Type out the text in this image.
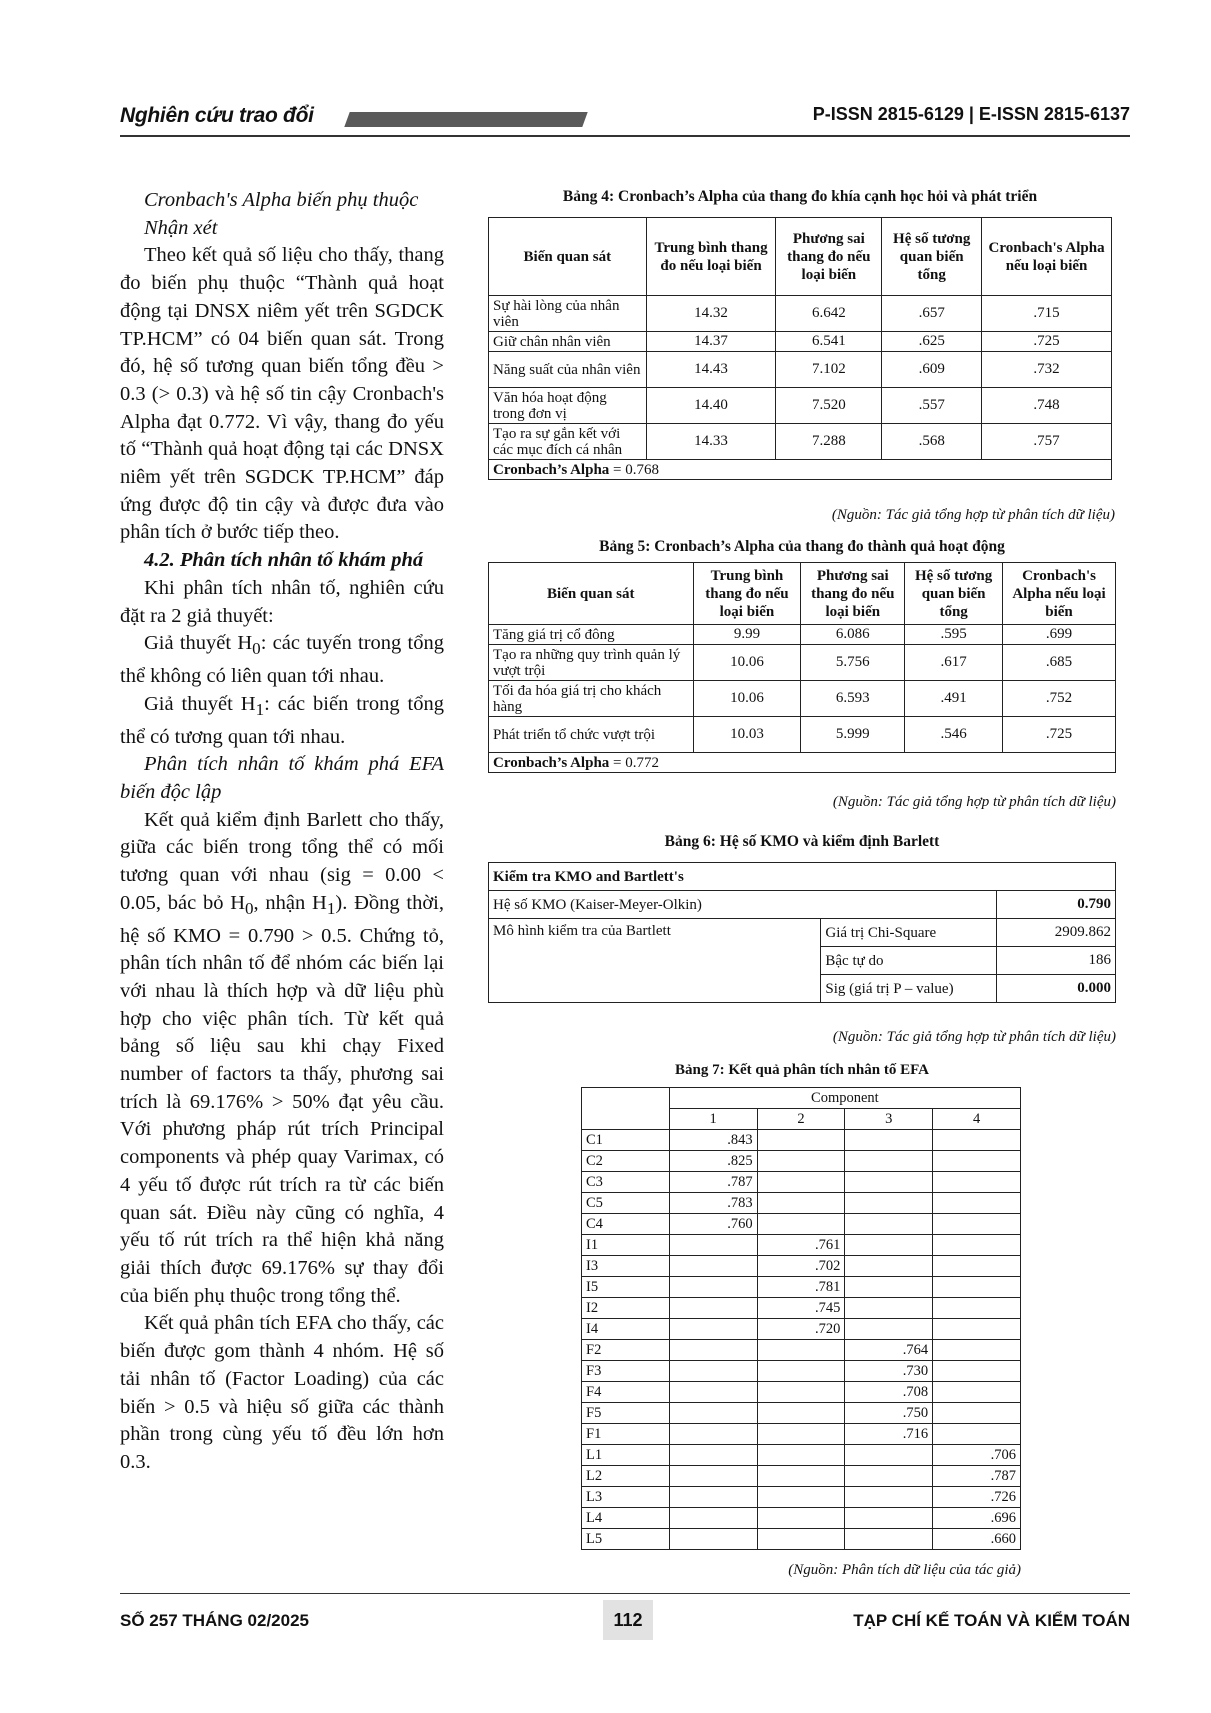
Nghiên cứu trao đổi	P-ISSN 2815-6129 | E-ISSN 2815-6137

Cronbach's Alpha biến phụ thuộc

Nhận xét

Theo kết quả số liệu cho thấy, thang đo biến phụ thuộc “Thành quả hoạt động tại DNSX niêm yết trên SGDCK TP.HCM” có 04 biến quan sát. Trong đó, hệ số tương quan biến tổng đều > 0.3 (> 0.3) và hệ số tin cậy Cronbach's Alpha đạt 0.772. Vì vậy, thang đo yếu tố “Thành quả hoạt động tại các DNSX niêm yết trên SGDCK TP.HCM” đáp ứng được độ tin cậy và được đưa vào phân tích ở bước tiếp theo.

4.2. Phân tích nhân tố khám phá

Khi phân tích nhân tố, nghiên cứu đặt ra 2 giả thuyết:

Giả thuyết $H_0$: các tuyến trong tổng thể không có liên quan tới nhau.

Giả thuyết $H_1$: các biến trong tổng thể có tương quan tới nhau.

Phân tích nhân tố khám phá EFA biến độc lập

Kết quả kiểm định Barlett cho thấy, giữa các biến trong tổng thể có mối tương quan với nhau (sig = 0.00 < 0.05, bác bỏ $H_0$, nhận $H_1$). Đồng thời, hệ số KMO = 0.790 > 0.5. Chứng tỏ, phân tích nhân tố để nhóm các biến lại với nhau là thích hợp và dữ liệu phù hợp cho việc phân tích. Từ kết quả bảng số liệu sau khi chạy Fixed number of factors ta thấy, phương sai trích là 69.176% > 50% đạt yêu cầu. Với phương pháp rút trích Principal components và phép quay Varimax, có 4 yếu tố được rút trích ra từ các biến quan sát. Điều này cũng có nghĩa, 4 yếu tố rút trích ra thể hiện khả năng giải thích được 69.176% sự thay đổi của biến phụ thuộc trong tổng thể.

Kết quả phân tích EFA cho thấy, các biến được gom thành 4 nhóm. Hệ số tải nhân tố (Factor Loading) của các biến > 0.5 và hiệu số giữa các thành phần trong cùng yếu tố đều lớn hơn 0.3.

Bảng 4: Cronbach’s Alpha của thang đo khía cạnh học hỏi và phát triển
Biến quan sát	Trung bình thang đo nếu loại biến	Phương sai thang đo nếu loại biến	Hệ số tương quan biến tổng	Cronbach's Alpha nếu loại biến
Sự hài lòng của nhân viên	14.32	6.642	.657	.715
Giữ chân nhân viên	14.37	6.541	.625	.725
Năng suất của nhân viên	14.43	7.102	.609	.732
Văn hóa hoạt động trong đơn vị	14.40	7.520	.557	.748
Tạo ra sự gắn kết với các mục đích cá nhân	14.33	7.288	.568	.757
Cronbach’s Alpha = 0.768				
(Nguồn: Tác giả tổng hợp từ phân tích dữ liệu)
Bảng 5: Cronbach’s Alpha của thang đo thành quả hoạt động
Biến quan sát	Trung bình thang đo nếu loại biến	Phương sai thang đo nếu loại biến	Hệ số tương quan biến tổng	Cronbach's Alpha nếu loại biến
Tăng giá trị cổ đông	9.99	6.086	.595	.699
Tạo ra những quy trình quản lý vượt trội	10.06	5.756	.617	.685
Tối đa hóa giá trị cho khách hàng	10.06	6.593	.491	.752
Phát triển tổ chức vượt trội	10.03	5.999	.546	.725
Cronbach’s Alpha = 0.772				
(Nguồn: Tác giả tổng hợp từ phân tích dữ liệu)
Bảng 6: Hệ số KMO và kiểm định Barlett
Kiểm tra KMO and Bartlett's		
Hệ số KMO (Kaiser-Meyer-Olkin)		0.790
Mô hình kiểm tra của Bartlett	Giá trị Chi-Square	2909.862
	Bậc tự do	186
	Sig (giá trị P – value)	0.000
(Nguồn: Tác giả tổng hợp từ phân tích dữ liệu)
Bảng 7: Kết quả phân tích nhân tố EFA
	Component			
	1	2	3	4
C1	.843			
C2	.825			
C3	.787			
C5	.783			
C4	.760			
I1		.761		
I3		.702		
I5		.781		
I2		.745		
I4		.720		
F2			.764	
F3			.730	
F4			.708	
F5			.750	
F1			.716	
L1				.706
L2				.787
L3				.726
L4				.696
L5				.660
(Nguồn: Phân tích dữ liệu của tác giả)
SỐ 257 THÁNG 02/2025	112	TẠP CHÍ KẾ TOÁN VÀ KIỂM TOÁN
